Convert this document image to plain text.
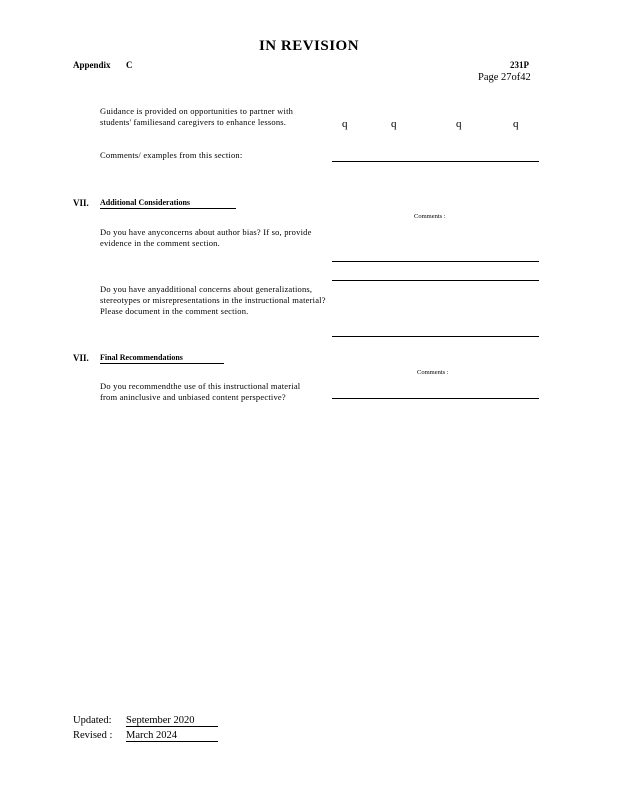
IN REVISION
Appendix C	231P
Page 27of42
Guidance is provided on opportunities to partner with students' familiesand caregivers to enhance lessons.	q	q	q	q
Comments/ examples from this section:
VII. Additional Considerations
Comments :
Do you have anyconcerns about author bias? If so, provide evidence in the comment section.
Do you have anyadditional concerns about generalizations, stereotypes or misrepresentations in the instructional material? Please document in the comment section.
VII. Final Recommendations
Comments :
Do you recommendthe use of this instructional material from aninclusive and unbiased content perspective?
Updated: September 2020
Revised : March 2024
